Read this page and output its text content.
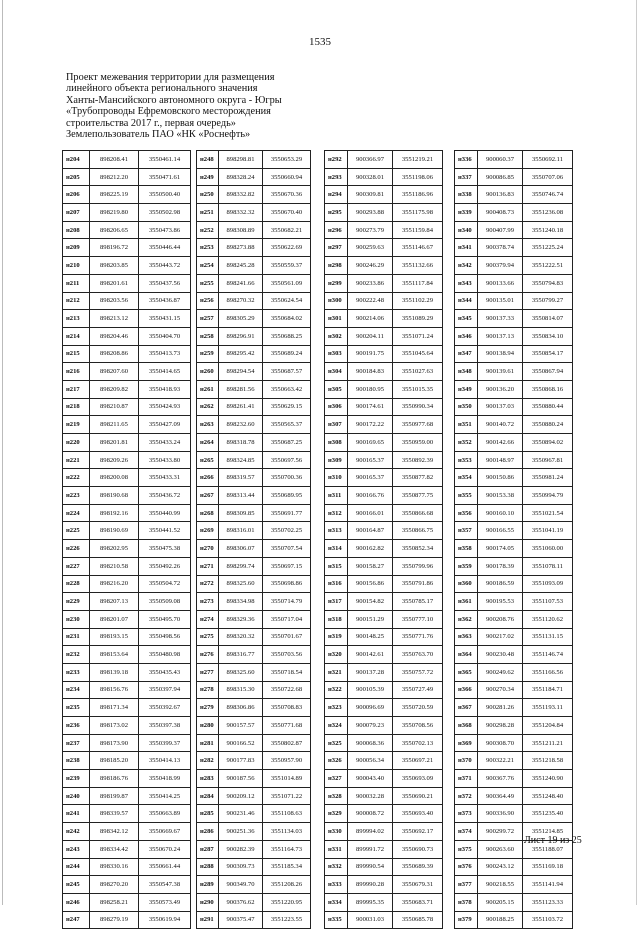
1535
Проект межевания территории для размещения
линейного объекта регионального значения
Ханты-Мансийского автономного округа - Югры
«Трубопроводы Ефремовского месторождения
строительства 2017 г., первая очередь»
Землепользователь ПАО «НК «Роснефть»
н204	898208.41	3550461.14
н205	898212.20	3550471.61
н206	898225.19	3550500.40
н207	898219.80	3550502.98
н208	898206.65	3550473.86
н209	898196.72	3550446.44
н210	898203.85	3550443.72
н211	898201.61	3550437.56
н212	898203.56	3550436.87
н213	898213.12	3550431.15
н214	898204.46	3550404.70
н215	898208.86	3550413.73
н216	898207.60	3550414.65
н217	898209.82	3550418.93
н218	898210.87	3550424.93
н219	898211.65	3550427.09
н220	898201.81	3550433.24
н221	898209.26	3550433.80
н222	898200.08	3550433.31
н223	898190.68	3550436.72
н224	898192.16	3550440.99
н225	898190.69	3550441.52
н226	898202.95	3550475.38
н227	898210.58	3550492.26
н228	898216.20	3550504.72
н229	898207.13	3550509.08
н230	898201.07	3550495.70
н231	898193.15	3550498.56
н232	898153.64	3550480.98
н233	898139.18	3550435.43
н234	898156.76	3550397.94
н235	898171.34	3550392.67
н236	898173.02	3550397.38
н237	898173.90	3550399.37
н238	898185.20	3550414.13
н239	898186.76	3550418.99
н240	898199.87	3550414.25
н241	898339.57	3550663.89
н242	898342.12	3550669.67
н243	898334.42	3550670.24
н244	898330.16	3550661.44
н245	898270.20	3550547.38
н246	898258.21	3550573.49
н247	898279.19	3550619.94
н248	898298.81	3550653.29
н249	898328.24	3550660.94
н250	898332.82	3550670.36
н251	898332.32	3550670.40
н252	898308.89	3550682.21
н253	898273.88	3550622.69
н254	898245.28	3550559.37
н255	898241.66	3550561.09
н256	898270.32	3550624.54
н257	898305.29	3550684.02
н258	898296.91	3550688.25
н259	898295.42	3550689.24
н260	898294.54	3550687.57
н261	898281.56	3550663.42
н262	898261.41	3550629.15
н263	898232.60	3550565.37
н264	898318.78	3550687.25
н265	898324.85	3550697.56
н266	898319.57	3550700.36
н267	898313.44	3550689.95
н268	898309.85	3550691.77
н269	898316.01	3550702.25
н270	898306.07	3550707.54
н271	898299.74	3550697.15
н272	898325.60	3550698.86
н273	898334.98	3550714.79
н274	898329.36	3550717.04
н275	898320.32	3550701.67
н276	898316.77	3550703.56
н277	898325.60	3550718.54
н278	898315.30	3550722.68
н279	898306.86	3550708.83
н280	900157.57	3550771.68
н281	900166.52	3550802.87
н282	900177.83	3550957.90
н283	900187.56	3551014.89
н284	900209.12	3551071.22
н285	900231.46	3551108.63
н286	900251.36	3551134.03
н287	900282.39	3551164.73
н288	900309.73	3551185.34
н289	900349.70	3551208.26
н290	900376.62	3551220.95
н291	900375.47	3551223.55
н292	900366.97	3551219.21
н293	900328.01	3551198.06
н294	900309.81	3551186.96
н295	900293.88	3551175.98
н296	900273.79	3551159.84
н297	900259.63	3551146.67
н298	900246.29	3551132.66
н299	900233.86	3551117.84
н300	900222.48	3551102.29
н301	900214.06	3551089.29
н302	900204.11	3551071.24
н303	900191.75	3551045.64
н304	900184.83	3551027.63
н305	900180.95	3551015.35
н306	900174.61	3550990.34
н307	900172.22	3550977.68
н308	900169.65	3550959.00
н309	900165.37	3550892.39
н310	900165.37	3550877.82
н311	900166.76	3550877.75
н312	900166.01	3550866.68
н313	900164.87	3550866.75
н314	900162.82	3550852.34
н315	900158.27	3550799.96
н316	900156.86	3550791.86
н317	900154.82	3550785.17
н318	900151.29	3550777.10
н319	900148.25	3550771.76
н320	900142.61	3550763.70
н321	900137.28	3550757.72
н322	900105.39	3550727.49
н323	900096.69	3550720.59
н324	900079.23	3550708.56
н325	900068.36	3550702.13
н326	900056.34	3550697.21
н327	900043.40	3550693.09
н328	900032.28	3550690.21
н329	900008.72	3550693.40
н330	899994.02	3550692.17
н331	899991.72	3550690.73
н332	899990.54	3550689.39
н333	899990.28	3550679.31
н334	899995.35	3550683.71
н335	900031.03	3550685.78
н336	900060.37	3550692.11
н337	900086.85	3550707.06
н338	900136.83	3550746.74
н339	900408.73	3551236.08
н340	900407.99	3551240.18
н341	900378.74	3551225.24
н342	900379.94	3551222.51
н343	900133.66	3550794.83
н344	900135.01	3550799.27
н345	900137.33	3550814.07
н346	900137.13	3550834.10
н347	900138.94	3550854.17
н348	900139.61	3550867.94
н349	900136.20	3550868.16
н350	900137.03	3550880.44
н351	900140.72	3550880.24
н352	900142.66	3550894.02
н353	900148.97	3550967.81
н354	900150.86	3550981.24
н355	900153.38	3550994.79
н356	900160.10	3551021.54
н357	900166.55	3551041.19
н358	900174.05	3551060.00
н359	900178.39	3551078.11
н360	900186.59	3551093.09
н361	900195.53	3551107.53
н362	900208.76	3551120.62
н363	900217.02	3551131.15
н364	900230.48	3551146.74
н365	900249.62	3551166.56
н366	900270.34	3551184.71
н367	900281.26	3551193.11
н368	900298.28	3551204.84
н369	900308.70	3551211.21
н370	900322.21	3551218.58
н371	900367.76	3551240.90
н372	900364.49	3551248.40
н373	900336.90	3551235.40
н374	900299.72	3551214.85
н375	900263.60	3551188.07
н376	900243.12	3551169.18
н377	900218.55	3551141.94
н378	900205.15	3551123.33
н379	900188.25	3551103.72
Лист 19 из 25
